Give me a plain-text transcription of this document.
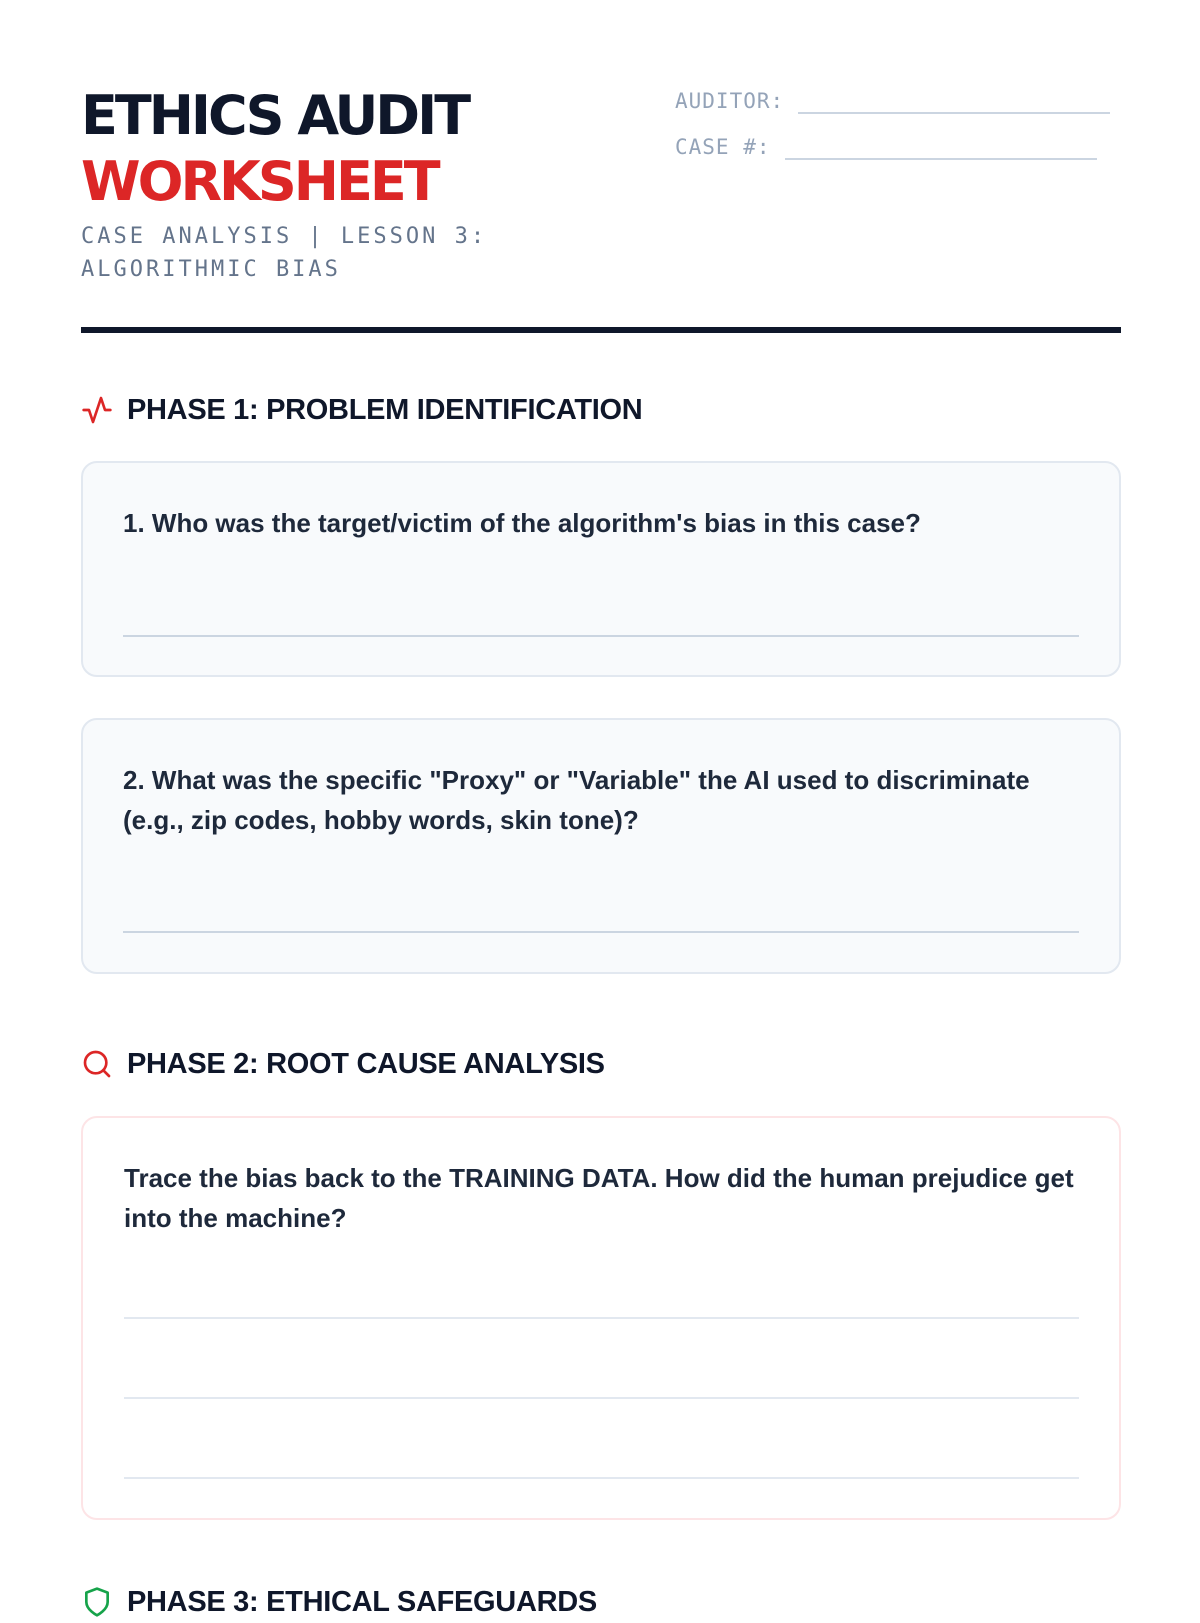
ETHICS AUDIT
WORKSHEET
CASE ANALYSIS | LESSON 3: ALGORITHMIC BIAS
AUDITOR:
CASE #:
PHASE 1: PROBLEM IDENTIFICATION
1. Who was the target/victim of the algorithm's bias in this case?
2. What was the specific "Proxy" or "Variable" the AI used to discriminate (e.g., zip codes, hobby words, skin tone)?
PHASE 2: ROOT CAUSE ANALYSIS
Trace the bias back to the TRAINING DATA. How did the human prejudice get into the machine?
PHASE 3: ETHICAL SAFEGUARDS
